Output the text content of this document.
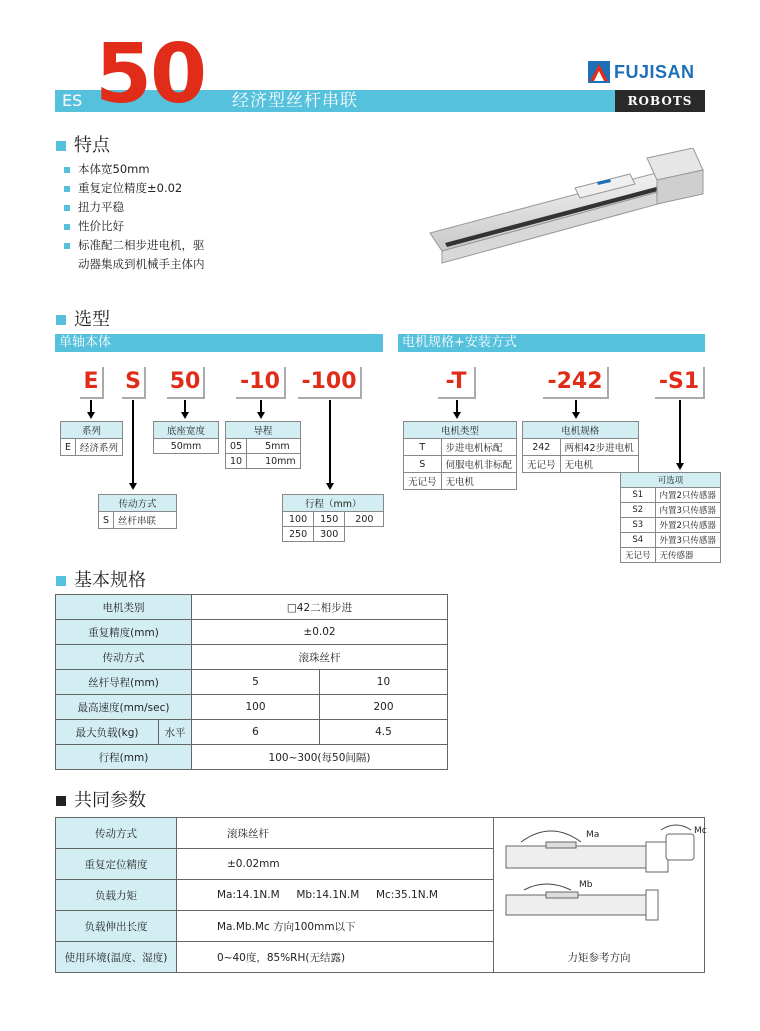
ES 50 经济型丝杆串联	ROBOTS
FUJISAN
特点
本体宽50mm
重复定位精度±0.02
扭力平稳
性价比好
标准配二相步进电机，驱
动器集成到机械手主体内
选型
单轴本体	电机规格+安装方式
E S 50 -10 -100	-T	-242	-S1
系列
E	经济系列
底座宽度
50mm
导程	
05	5mm
10	10mm
传动方式
S	丝杆串联
行程（mm）		
100	150	200
250	300	
电机类型	
T	步进电机标配
S	伺服电机非标配
无记号	无电机
电机规格	
242	两相42步进电机
无记号	无电机
可选项	
S1	内置2只传感器
S2	内置3只传感器
S3	外置2只传感器
S4	外置3只传感器
无记号	无传感器
基本规格
电机类别		□42二相步进	
重复精度(mm)		±0.02	
传动方式		滚珠丝杆	
丝杆导程(mm)		5	10
最高速度(mm/sec)		100	200
最大负载(kg)	水平	6	4.5
行程(mm)		100~300(每50间隔)	
共同参数
传动方式	滚珠丝杆	Ma Mc
Mb
力矩参考方向

重复定位精度	±0.02mm	
负载力矩	Ma:14.1N.M Mb:14.1N.M Mc:35.1N.M	
负载伸出长度	Ma.Mb.Mc 方向100mm以下	
使用环境(温度、湿度)	0~40度，85%RH(无结露)	
